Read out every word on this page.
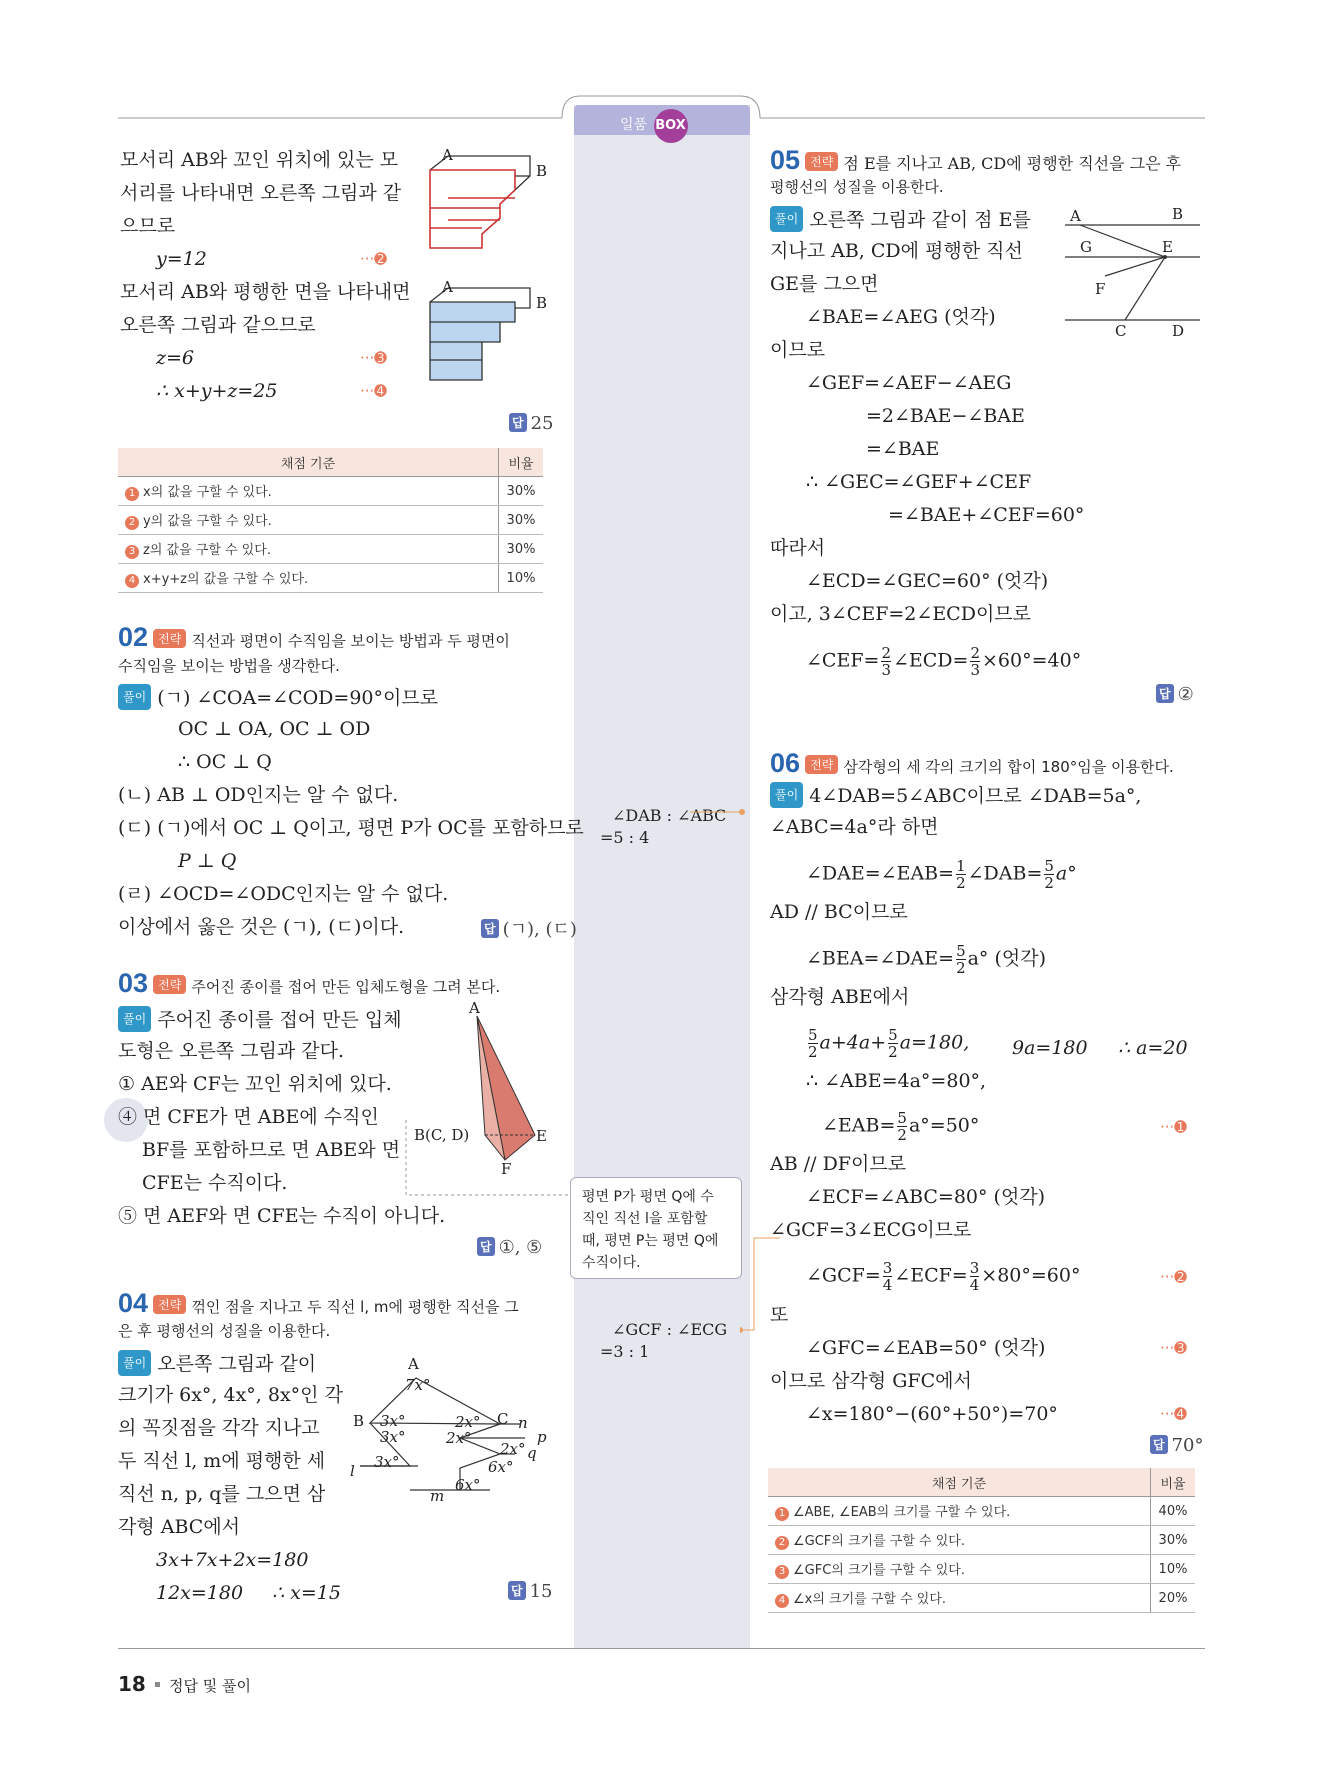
일품 BOX
모서리 AB와 꼬인 위치에 있는 모
서리를 나타내면 오른쪽 그림과 같
으므로
y=12	···➋
모서리 AB와 평행한 면을 나타내면
오른쪽 그림과 같으므로
z=6	···➌
∴ x+y+z=25	···➍
답 25
A
B
A
B
채점 기준	비율
1 x의 값을 구할 수 있다.	30%
2 y의 값을 구할 수 있다.	30%
3 z의 값을 구할 수 있다.	30%
4 x+y+z의 값을 구할 수 있다.	10%
02 전략 직선과 평면이 수직임을 보이는 방법과 두 평면이
수직임을 보이는 방법을 생각한다.
풀이 (ㄱ) ∠COA=∠COD=90°이므로
OC ⊥ OA, OC ⊥ OD
∴ OC ⊥ Q
(ㄴ) AB ⊥ OD인지는 알 수 없다.
(ㄷ) (ㄱ)에서 OC ⊥ Q이고, 평면 P가 OC를 포함하므로
P ⊥ Q
(ㄹ) ∠OCD=∠ODC인지는 알 수 없다.
이상에서 옳은 것은 (ㄱ), (ㄷ)이다.	답 (ㄱ), (ㄷ)
03 전략 주어진 종이를 접어 만든 입체도형을 그려 본다.
풀이 주어진 종이를 접어 만든 입체
도형은 오른쪽 그림과 같다.
① AE와 CF는 꼬인 위치에 있다.
④ 면 CFE가 면 ABE에 수직인
BF를 포함하므로 면 ABE와 면
CFE는 수직이다.
⑤ 면 AEF와 면 CFE는 수직이 아니다.
답 ①, ⑤
A
B(C, D)	E
F
04 전략 꺾인 점을 지나고 두 직선 l, m에 평행한 직선을 그
은 후 평행선의 성질을 이용한다.
풀이 오른쪽 그림과 같이
크기가 6x°, 4x°, 8x°인 각
의 꼭짓점을 각각 지나고
두 직선 l, m에 평행한 세
직선 n, p, q를 그으면 삼
각형 ABC에서
3x+7x+2x=180
12x=180 ∴ x=15	답 15
A
7x°
B 3x°
3x°
C
2x°
2x°
2x°
n
p
q
3x°	6x°
l
6x°
m
∠DAB : ∠ABC
=5 : 4
평면 P가 평면 Q에 수
직인 직선 l을 포함할
때, 평면 P는 평면 Q에
수직이다.
∠GCF : ∠ECG
=3 : 1
05 전략 점 E를 지나고 AB, CD에 평행한 직선을 그은 후
평행선의 성질을 이용한다.
풀이 오른쪽 그림과 같이 점 E를
지나고 AB, CD에 평행한 직선
GE를 그으면
∠BAE=∠AEG (엇각)
이므로
∠GEF=∠AEF−∠AEG
=2∠BAE−∠BAE
=∠BAE
∴ ∠GEC=∠GEF+∠CEF
=∠BAE+∠CEF=60°
따라서
∠ECD=∠GEC=60° (엇각)
이고, 3∠CEF=2∠ECD이므로
∠CEF= $\frac{2}{3}$ ∠ECD= $\frac{2}{3} \times 60^\circ=40^\circ$
답 ②
A	B
G	E
F
C	D
06 전략 삼각형의 세 각의 크기의 합이 180°임을 이용한다.
풀이 4∠DAB=5∠ABC이므로 ∠DAB=5a°,
∠ABC=4a°라 하면
∠DAE=∠EAB= $\frac{1}{2}$ ∠DAB= $\frac{5}{2} a^\circ$
AD // BC이므로
∠BEA=∠DAE= $\frac{5}{2} a^\circ$ (엇각)
삼각형 ABE에서
$\frac{5}{2} a+4a+ \frac{5}{2} a=180$, 9a=180 ∴ a=20
∴ ∠ABE=4a°=80°,
∠EAB= $\frac{5}{2} a^\circ=50^\circ$	···➊
AB // DF이므로
∠ECF=∠ABC=80° (엇각)
∠GCF=3∠ECG이므로
∠GCF= $\frac{3}{4}$ ∠ECF= $\frac{3}{4} \times 80^\circ=60^\circ$	···➋
또
∠GFC=∠EAB=50° (엇각)	···➌
이므로 삼각형 GFC에서
∠x=180°−(60°+50°)=70°	···➍
답 70°
채점 기준	비율
1 ∠ABE, ∠EAB의 크기를 구할 수 있다.	40%
2 ∠GCF의 크기를 구할 수 있다.	30%
3 ∠GFC의 크기를 구할 수 있다.	10%
4 ∠x의 크기를 구할 수 있다.	20%
18 정답 및 풀이
